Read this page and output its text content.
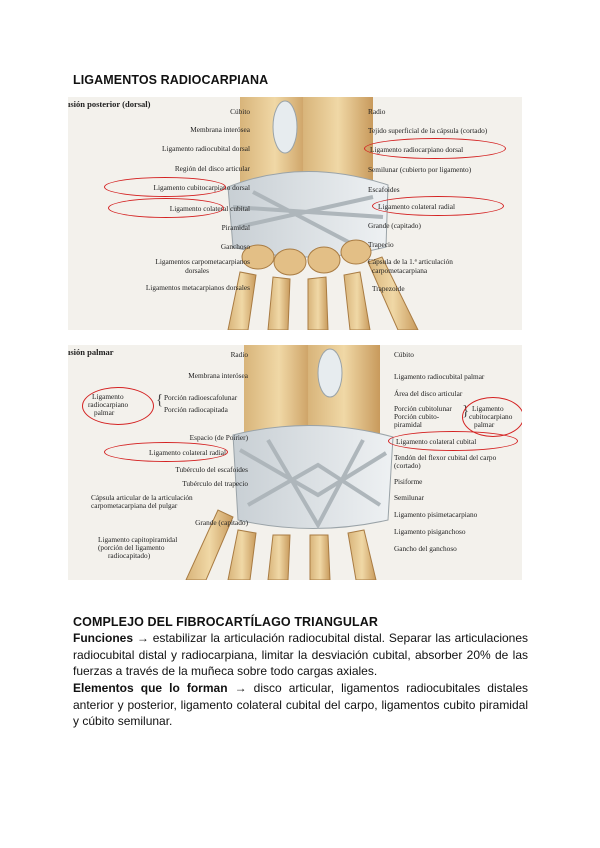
LIGAMENTOS RADIOCARPIANA
ısión posterior (dorsal)
Cúbito
Membrana interósea
Ligamento radiocubital dorsal
Región del disco articular
Ligamento cubitocarpiano dorsal
Ligamento colateral cubital
Piramidal
Ganchoso
Ligamentos carpometacarpianos
dorsales
Ligamentos metacarpianos dorsales
Radio
Tejido superficial de la cápsula (cortado)
Ligamento radiocarpiano dorsal
Semilunar (cubierto por ligamento)
Escafoides
Ligamento colateral radial
Grande (capitado)
Trapecio
Cápsula de la 1.ª articulación
carpometacarpiana
Trapezoide
ısión palmar	Radio	Cúbito
Membrana interósea
Ligamento
radiocarpiano
palmar
{ Porción radioescafolunar
Porción radiocapitada
Espacio (de Poirier)
Ligamento colateral radial
Tubérculo del escafoides
Tubérculo del trapecio
Cápsula articular de la articulación
carpometacarpiana del pulgar
Grande (capitado)
Ligamento capitopiramidal
(porción del ligamento
radiocapitado)
Ligamento radiocubital palmar
Área del disco articular
Porción cubitolunar
Porción cubito-
piramidal
} Ligamento
cubitocarpiano
palmar
Ligamento colateral cubital
Tendón del flexor cubital del carpo
(cortado)
Pisiforme
Semilunar
Ligamento pisimetacarpiano
Ligamento pisiganchoso
Gancho del ganchoso
COMPLEJO DEL FIBROCARTÍLAGO TRIANGULAR
Funciones → estabilizar la articulación radiocubital distal. Separar las articulaciones radiocubital distal y radiocarpiana, limitar la desviación cubital, absorber 20% de las fuerzas a través de la muñeca sobre todo cargas axiales.
Elementos que lo forman → disco articular, ligamentos radiocubitales distales anterior y posterior, ligamento colateral cubital del carpo, ligamentos cubito piramidal y cúbito semilunar.
